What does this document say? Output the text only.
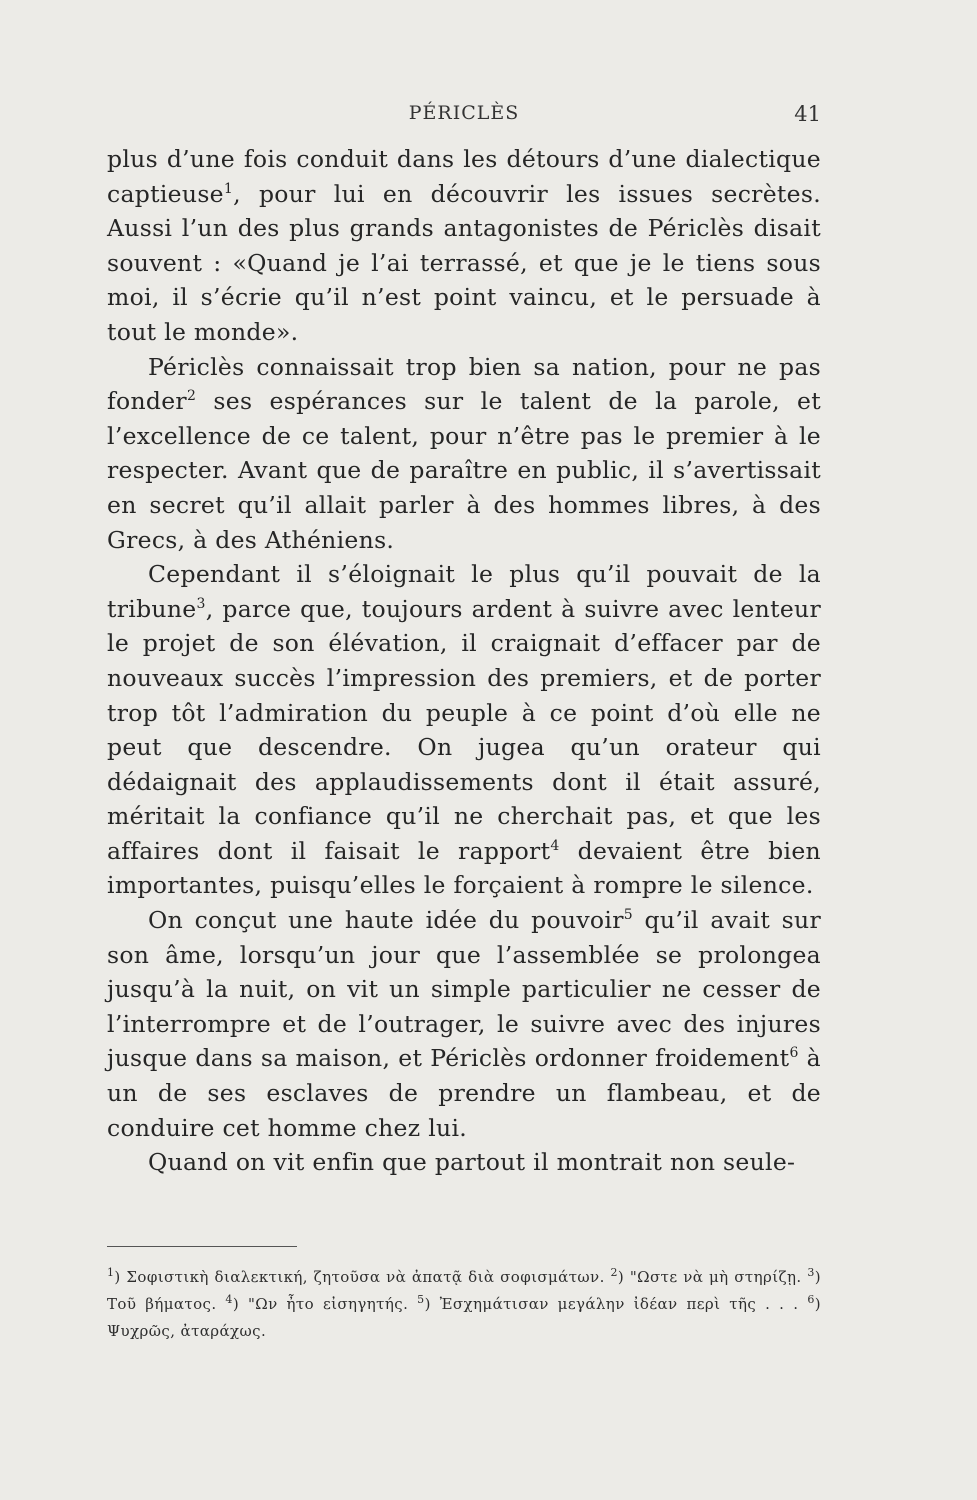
PÉRICLÈS	41

plus d’une fois conduit dans les détours d’une dialectique captieuse$^1$, pour lui en découvrir les issues secrètes. Aussi l’un des plus grands antagonistes de Périclès disait souvent : «Quand je l’ai terrassé, et que je le tiens sous moi, il s’écrie qu’il n’est point vaincu, et le persuade à tout le monde».

Périclès connaissait trop bien sa nation, pour ne pas fonder$^2$ ses espérances sur le talent de la parole, et l’excellence de ce talent, pour n’être pas le premier à le respecter. Avant que de paraître en public, il s’avertissait en secret qu’il allait parler à des hommes libres, à des Grecs, à des Athéniens.

Cependant il s’éloignait le plus qu’il pouvait de la tribune$^3$, parce que, toujours ardent à suivre avec lenteur le projet de son élévation, il craignait d’effacer par de nouveaux succès l’impression des premiers, et de porter trop tôt l’admiration du peuple à ce point d’où elle ne peut que descendre. On jugea qu’un orateur qui dédaignait des applaudissements dont il était assuré, méritait la confiance qu’il ne cherchait pas, et que les affaires dont il faisait le rapport$^4$ devaient être bien importantes, puisqu’elles le forçaient à rompre le silence.

On conçut une haute idée du pouvoir$^5$ qu’il avait sur son âme, lorsqu’un jour que l’assemblée se prolongea jusqu’à la nuit, on vit un simple particulier ne cesser de l’interrompre et de l’outrager, le suivre avec des injures jusque dans sa maison, et Périclès ordonner froidement$^6$ à un de ses esclaves de prendre un flambeau, et de conduire cet homme chez lui.

Quand on vit enfin que partout il montrait non seule-

$^1$) Σοφιστικὴ διαλεκτική, ζητοῦσα νὰ ἀπατᾷ διὰ σοφισμάτων. $^2$) "Ωστε νὰ μὴ στηρίζῃ. $^3$) Τοῦ βήματος. $^4$) "Ων ἦτο εἰσηγητής. $^5$) Ἐσχημάτισαν μεγάλην ἰδέαν περὶ τῆς . . . $^6$) Ψυχρῶς, ἀταράχως.
